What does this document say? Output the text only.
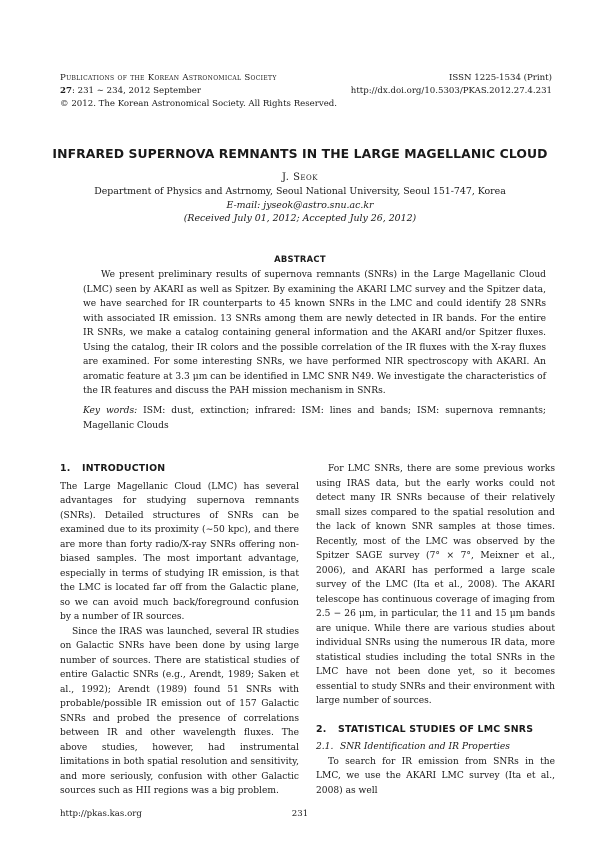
Publications of the Korean Astronomical Society
27: 231 ∼ 234, 2012 September
© 2012. The Korean Astronomical Society. All Rights Reserved.
ISSN 1225-1534 (Print)
http://dx.doi.org/10.5303/PKAS.2012.27.4.231
INFRARED SUPERNOVA REMNANTS IN THE LARGE MAGELLANIC CLOUD
J. Seok
Department of Physics and Astrnomy, Seoul National University, Seoul 151-747, Korea
E-mail: jyseok@astro.snu.ac.kr
(Received July 01, 2012; Accepted July 26, 2012)
ABSTRACT

We present preliminary results of supernova remnants (SNRs) in the Large Magellanic Cloud (LMC) seen by AKARI as well as Spitzer. By examining the AKARI LMC survey and the Spitzer data, we have searched for IR counterparts to 45 known SNRs in the LMC and could identify 28 SNRs with associated IR emission. 13 SNRs among them are newly detected in IR bands. For the entire IR SNRs, we make a catalog containing general information and the AKARI and/or Spitzer fluxes. Using the catalog, their IR colors and the possible correlation of the IR fluxes with the X-ray fluxes are examined. For some interesting SNRs, we have performed NIR spectroscopy with AKARI. An aromatic feature at 3.3 μm can be identified in LMC SNR N49. We investigate the characteristics of the IR features and discuss the PAH mission mechanism in SNRs.

Key words: ISM: dust, extinction; infrared: ISM: lines and bands; ISM: supernova remnants; Magellanic Clouds

1. INTRODUCTION

The Large Magellanic Cloud (LMC) has several advantages for studying supernova remnants (SNRs). Detailed structures of SNRs can be examined due to its proximity (∼50 kpc), and there are more than forty radio/X-ray SNRs offering non-biased samples. The most important advantage, especially in terms of studying IR emission, is that the LMC is located far off from the Galactic plane, so we can avoid much back/foreground confusion by a number of IR sources.

Since the IRAS was launched, several IR studies on Galactic SNRs have been done by using large number of sources. There are statistical studies of entire Galactic SNRs (e.g., Arendt, 1989; Saken et al., 1992); Arendt (1989) found 51 SNRs with probable/possible IR emission out of 157 Galactic SNRs and probed the presence of correlations between IR and other wavelength fluxes. The above studies, however, had instrumental limitations in both spatial resolution and sensitivity, and more seriously, confusion with other Galactic sources such as HII regions was a big problem.

For LMC SNRs, there are some previous works using IRAS data, but the early works could not detect many IR SNRs because of their relatively small sizes compared to the spatial resolution and the lack of known SNR samples at those times. Recently, most of the LMC was observed by the Spitzer SAGE survey (7° × 7°, Meixner et al., 2006), and AKARI has performed a large scale survey of the LMC (Ita et al., 2008). The AKARI telescope has continuous coverage of imaging from 2.5 − 26 μm, in particular, the 11 and 15 μm bands are unique. While there are various studies about individual SNRs using the numerous IR data, more statistical studies including the total SNRs in the LMC have not been done yet, so it becomes essential to study SNRs and their environment with large number of sources.

2. STATISTICAL STUDIES OF LMC SNRS
2.1. SNR Identification and IR Properties

To search for IR emission from SNRs in the LMC, we use the AKARI LMC survey (Ita et al., 2008) as well

http://pkas.kas.org	231
